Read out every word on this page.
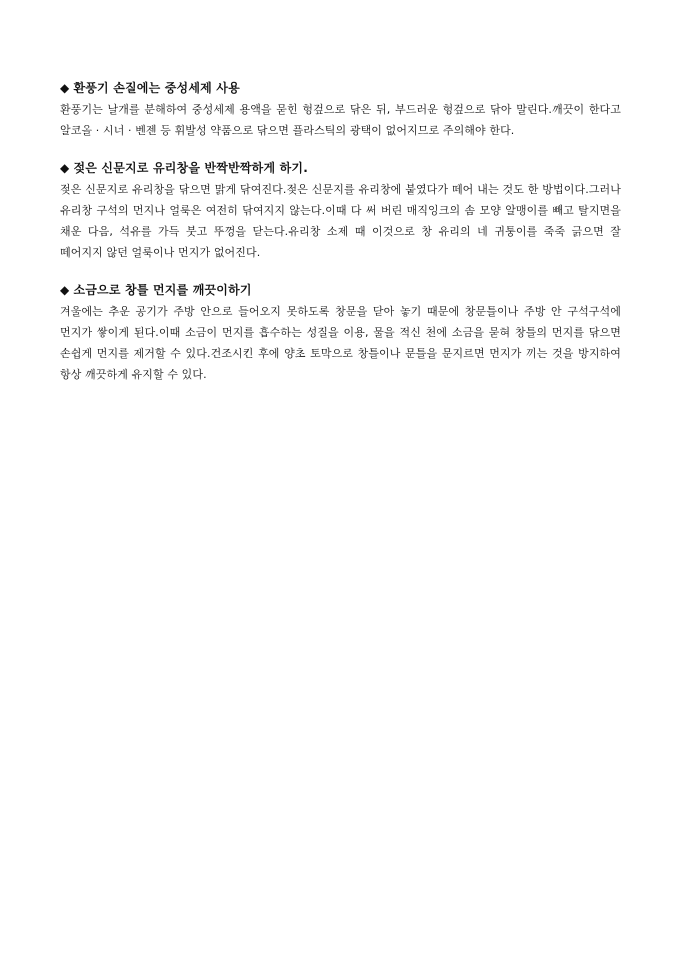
◆ 환풍기 손질에는 중성세제 사용

환풍기는 날개를 분해하여 중성세제 용액을 묻힌 헝겊으로 닦은 뒤, 부드러운 헝겊으로 닦아 말린다.깨끗이 한다고 알코올 · 시너 · 벤젠 등 휘발성 약품으로 닦으면 플라스틱의 광택이 없어지므로 주의해야 한다.

◆ 젖은 신문지로 유리창을 반짝반짝하게 하기.

젖은 신문지로 유리창을 닦으면 맑게 닦여진다.젖은 신문지를 유리창에 붙였다가 떼어 내는 것도 한 방법이다.그러나 유리창 구석의 먼지나 얼룩은 여전히 닦여지지 않는다.이때 다 써 버린 매직잉크의 솜 모양 알맹이를 빼고 탈지면을 채운 다음, 석유를 가득 붓고 뚜껑을 닫는다.유리창 소제 때 이것으로 창 유리의 네 귀퉁이를 죽죽 긁으면 잘 떼어지지 않던 얼룩이나 먼지가 없어진다.

◆ 소금으로 창틀 먼지를 깨끗이하기

겨울에는 추운 공기가 주방 안으로 들어오지 못하도록 창문을 닫아 놓기 때문에 창문틀이나 주방 안 구석구석에 먼지가 쌓이게 된다.이때 소금이 먼지를 흡수하는 성질을 이용, 물을 적신 천에 소금을 묻혀 창틀의 먼지를 닦으면 손쉽게 먼지를 제거할 수 있다.건조시킨 후에 양초 토막으로 창틀이나 문틀을 문지르면 먼지가 끼는 것을 방지하여 항상 깨끗하게 유지할 수 있다.
